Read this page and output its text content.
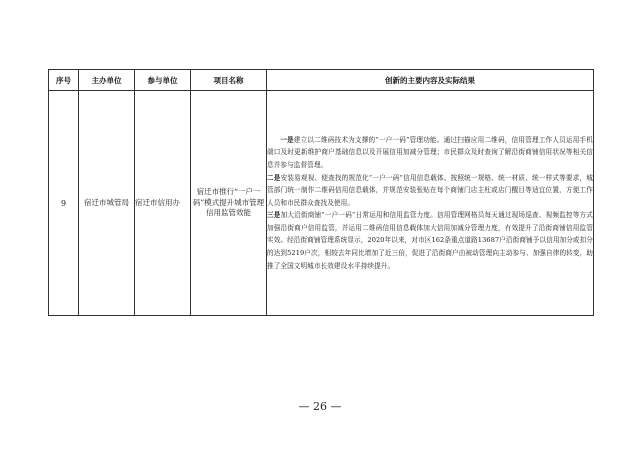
序号	主办单位	参与单位	项目名称	创新的主要内容及实际结果
9	宿迁市城管局	宿迁市信用办	宿迁市推行“一户一码”模式提升城市管理信用监管效能	一是建立以二维码技术为支撑的“一户一码”管理功能。通过扫描应用二维码，信用管理工作人员运用手机端口及时更新维护商户基础信息以及开展信用加减分管理；市民群众及时查询了解沿街商铺信用状况等相关信息并参与监督管理。

二是安装易观视、便查找的规范化“一户一码”信用信息载体。按照统一规格、统一材质、统一样式等要求，城管部门统一制作二维码信用信息载体，并规范安装张贴在每个商铺门店主柱或店门醒目等适宜位置，方便工作人员和市民群众查找及使用。

三是加大沿街商铺“一户一码”日常运用和信用监管力度。信用管理网格员每天通过现场巡查、视频监控等方式加强沿街商户信用监管，并运用二维码信用信息载体加大信用加减分管理力度，有效提升了沿街商铺信用监管实效。经沿街商铺管理系统显示，2020年以来，对市区162条重点道路13687户沿街商铺予以信用加分或扣分的达到5219户次，相较去年同比增加了近三倍，促进了沿街商户由被动管理向主动参与、加强自律的转变，助推了全国文明城市长效建设水平持续提升。

— 26 —
